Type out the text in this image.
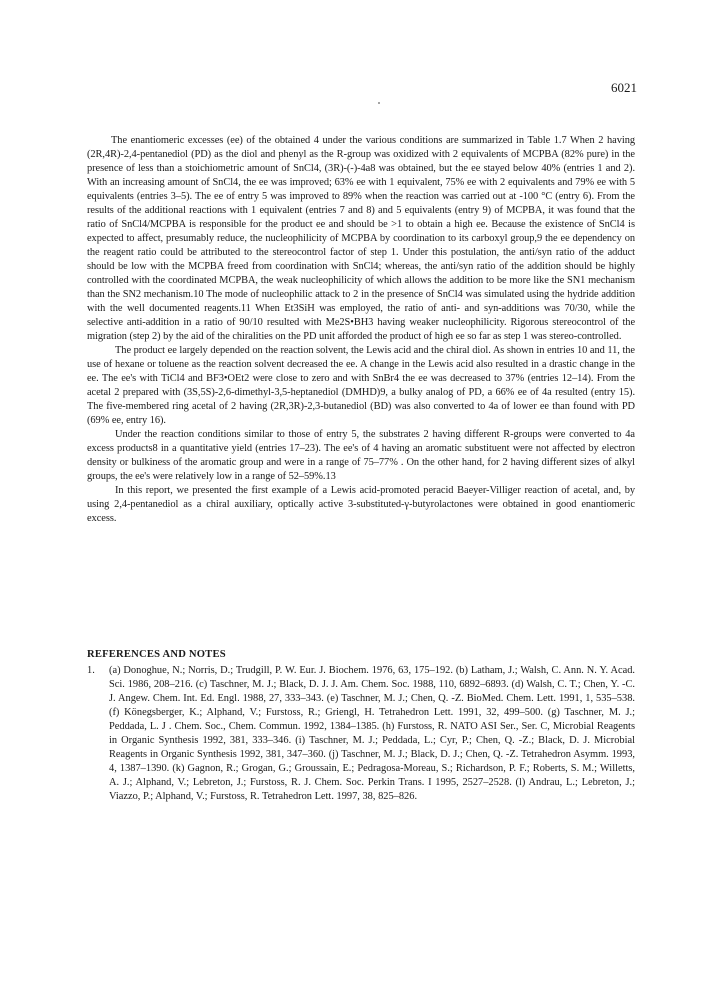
6021

The enantiomeric excesses (ee) of the obtained 4 under the various conditions are summarized in Table 1.7 When 2 having (2R,4R)-2,4-pentanediol (PD) as the diol and phenyl as the R-group was oxidized with 2 equivalents of MCPBA (82% pure) in the presence of less than a stoichiometric amount of SnCl4, (3R)-(-)-4a8 was obtained, but the ee stayed below 40% (entries 1 and 2). With an increasing amount of SnCl4, the ee was improved; 63% ee with 1 equivalent, 75% ee with 2 equivalents and 79% ee with 5 equivalents (entries 3–5). The ee of entry 5 was improved to 89% when the reaction was carried out at -100 °C (entry 6). From the results of the additional reactions with 1 equivalent (entries 7 and 8) and 5 equivalents (entry 9) of MCPBA, it was found that the ratio of SnCl4/MCPBA is responsible for the product ee and should be >1 to obtain a high ee. Because the existence of SnCl4 is expected to affect, presumably reduce, the nucleophilicity of MCPBA by coordination to its carboxyl group,9 the ee dependency on the reagent ratio could be attributed to the stereocontrol factor of step 1. Under this postulation, the anti/syn ratio of the adduct should be low with the MCPBA freed from coordination with SnCl4; whereas, the anti/syn ratio of the addition should be highly controlled with the coordinated MCPBA, the weak nucleophilicity of which allows the addition to be more like the SN1 mechanism than the SN2 mechanism.10 The mode of nucleophilic attack to 2 in the presence of SnCl4 was simulated using the hydride addition with the well documented reagents.11 When Et3SiH was employed, the ratio of anti- and syn-additions was 70/30, while the selective anti-addition in a ratio of 90/10 resulted with Me2S•BH3 having weaker nucleophilicity. Rigorous stereocontrol of the migration (step 2) by the aid of the chiralities on the PD unit afforded the product of high ee so far as step 1 was stereo-controlled.

The product ee largely depended on the reaction solvent, the Lewis acid and the chiral diol. As shown in entries 10 and 11, the use of hexane or toluene as the reaction solvent decreased the ee. A change in the Lewis acid also resulted in a drastic change in the ee. The ee's with TiCl4 and BF3•OEt2 were close to zero and with SnBr4 the ee was decreased to 37% (entries 12–14). From the acetal 2 prepared with (3S,5S)-2,6-dimethyl-3,5-heptanediol (DMHD)9, a bulky analog of PD, a 66% ee of 4a resulted (entry 15). The five-membered ring acetal of 2 having (2R,3R)-2,3-butanediol (BD) was also converted to 4a of lower ee than found with PD (69% ee, entry 16).

Under the reaction conditions similar to those of entry 5, the substrates 2 having different R-groups were converted to 4a excess products8 in a quantitative yield (entries 17–23). The ee's of 4 having an aromatic substituent were not affected by electron density or bulkiness of the aromatic group and were in a range of 75–77% . On the other hand, for 2 having different sizes of alkyl groups, the ee's were relatively low in a range of 52–59%.13

In this report, we presented the first example of a Lewis acid-promoted peracid Baeyer-Villiger reaction of acetal, and, by using 2,4-pentanediol as a chiral auxiliary, optically active 3-substituted-γ-butyrolactones were obtained in good enantiomeric excess.

REFERENCES AND NOTES
1.	(a) Donoghue, N.; Norris, D.; Trudgill, P. W. Eur. J. Biochem. 1976, 63, 175–192. (b) Latham, J.; Walsh, C. Ann. N. Y. Acad. Sci. 1986, 208–216. (c) Taschner, M. J.; Black, D. J. J. Am. Chem. Soc. 1988, 110, 6892–6893. (d) Walsh, C. T.; Chen, Y. -C. J. Angew. Chem. Int. Ed. Engl. 1988, 27, 333–343. (e) Taschner, M. J.; Chen, Q. -Z. BioMed. Chem. Lett. 1991, 1, 535–538. (f) Könegsberger, K.; Alphand, V.; Furstoss, R.; Griengl, H. Tetrahedron Lett. 1991, 32, 499–500. (g) Taschner, M. J.; Peddada, L. J . Chem. Soc., Chem. Commun. 1992, 1384–1385. (h) Furstoss, R. NATO ASI Ser., Ser. C, Microbial Reagents in Organic Synthesis 1992, 381, 333–346. (i) Taschner, M. J.; Peddada, L.; Cyr, P.; Chen, Q. -Z.; Black, D. J. Microbial Reagents in Organic Synthesis 1992, 381, 347–360. (j) Taschner, M. J.; Black, D. J.; Chen, Q. -Z. Tetrahedron Asymm. 1993, 4, 1387–1390. (k) Gagnon, R.; Grogan, G.; Groussain, E.; Pedragosa-Moreau, S.; Richardson, P. F.; Roberts, S. M.; Willetts, A. J.; Alphand, V.; Lebreton, J.; Furstoss, R. J. Chem. Soc. Perkin Trans. I 1995, 2527–2528. (l) Andrau, L.; Lebreton, J.; Viazzo, P.; Alphand, V.; Furstoss, R. Tetrahedron Lett. 1997, 38, 825–826.
